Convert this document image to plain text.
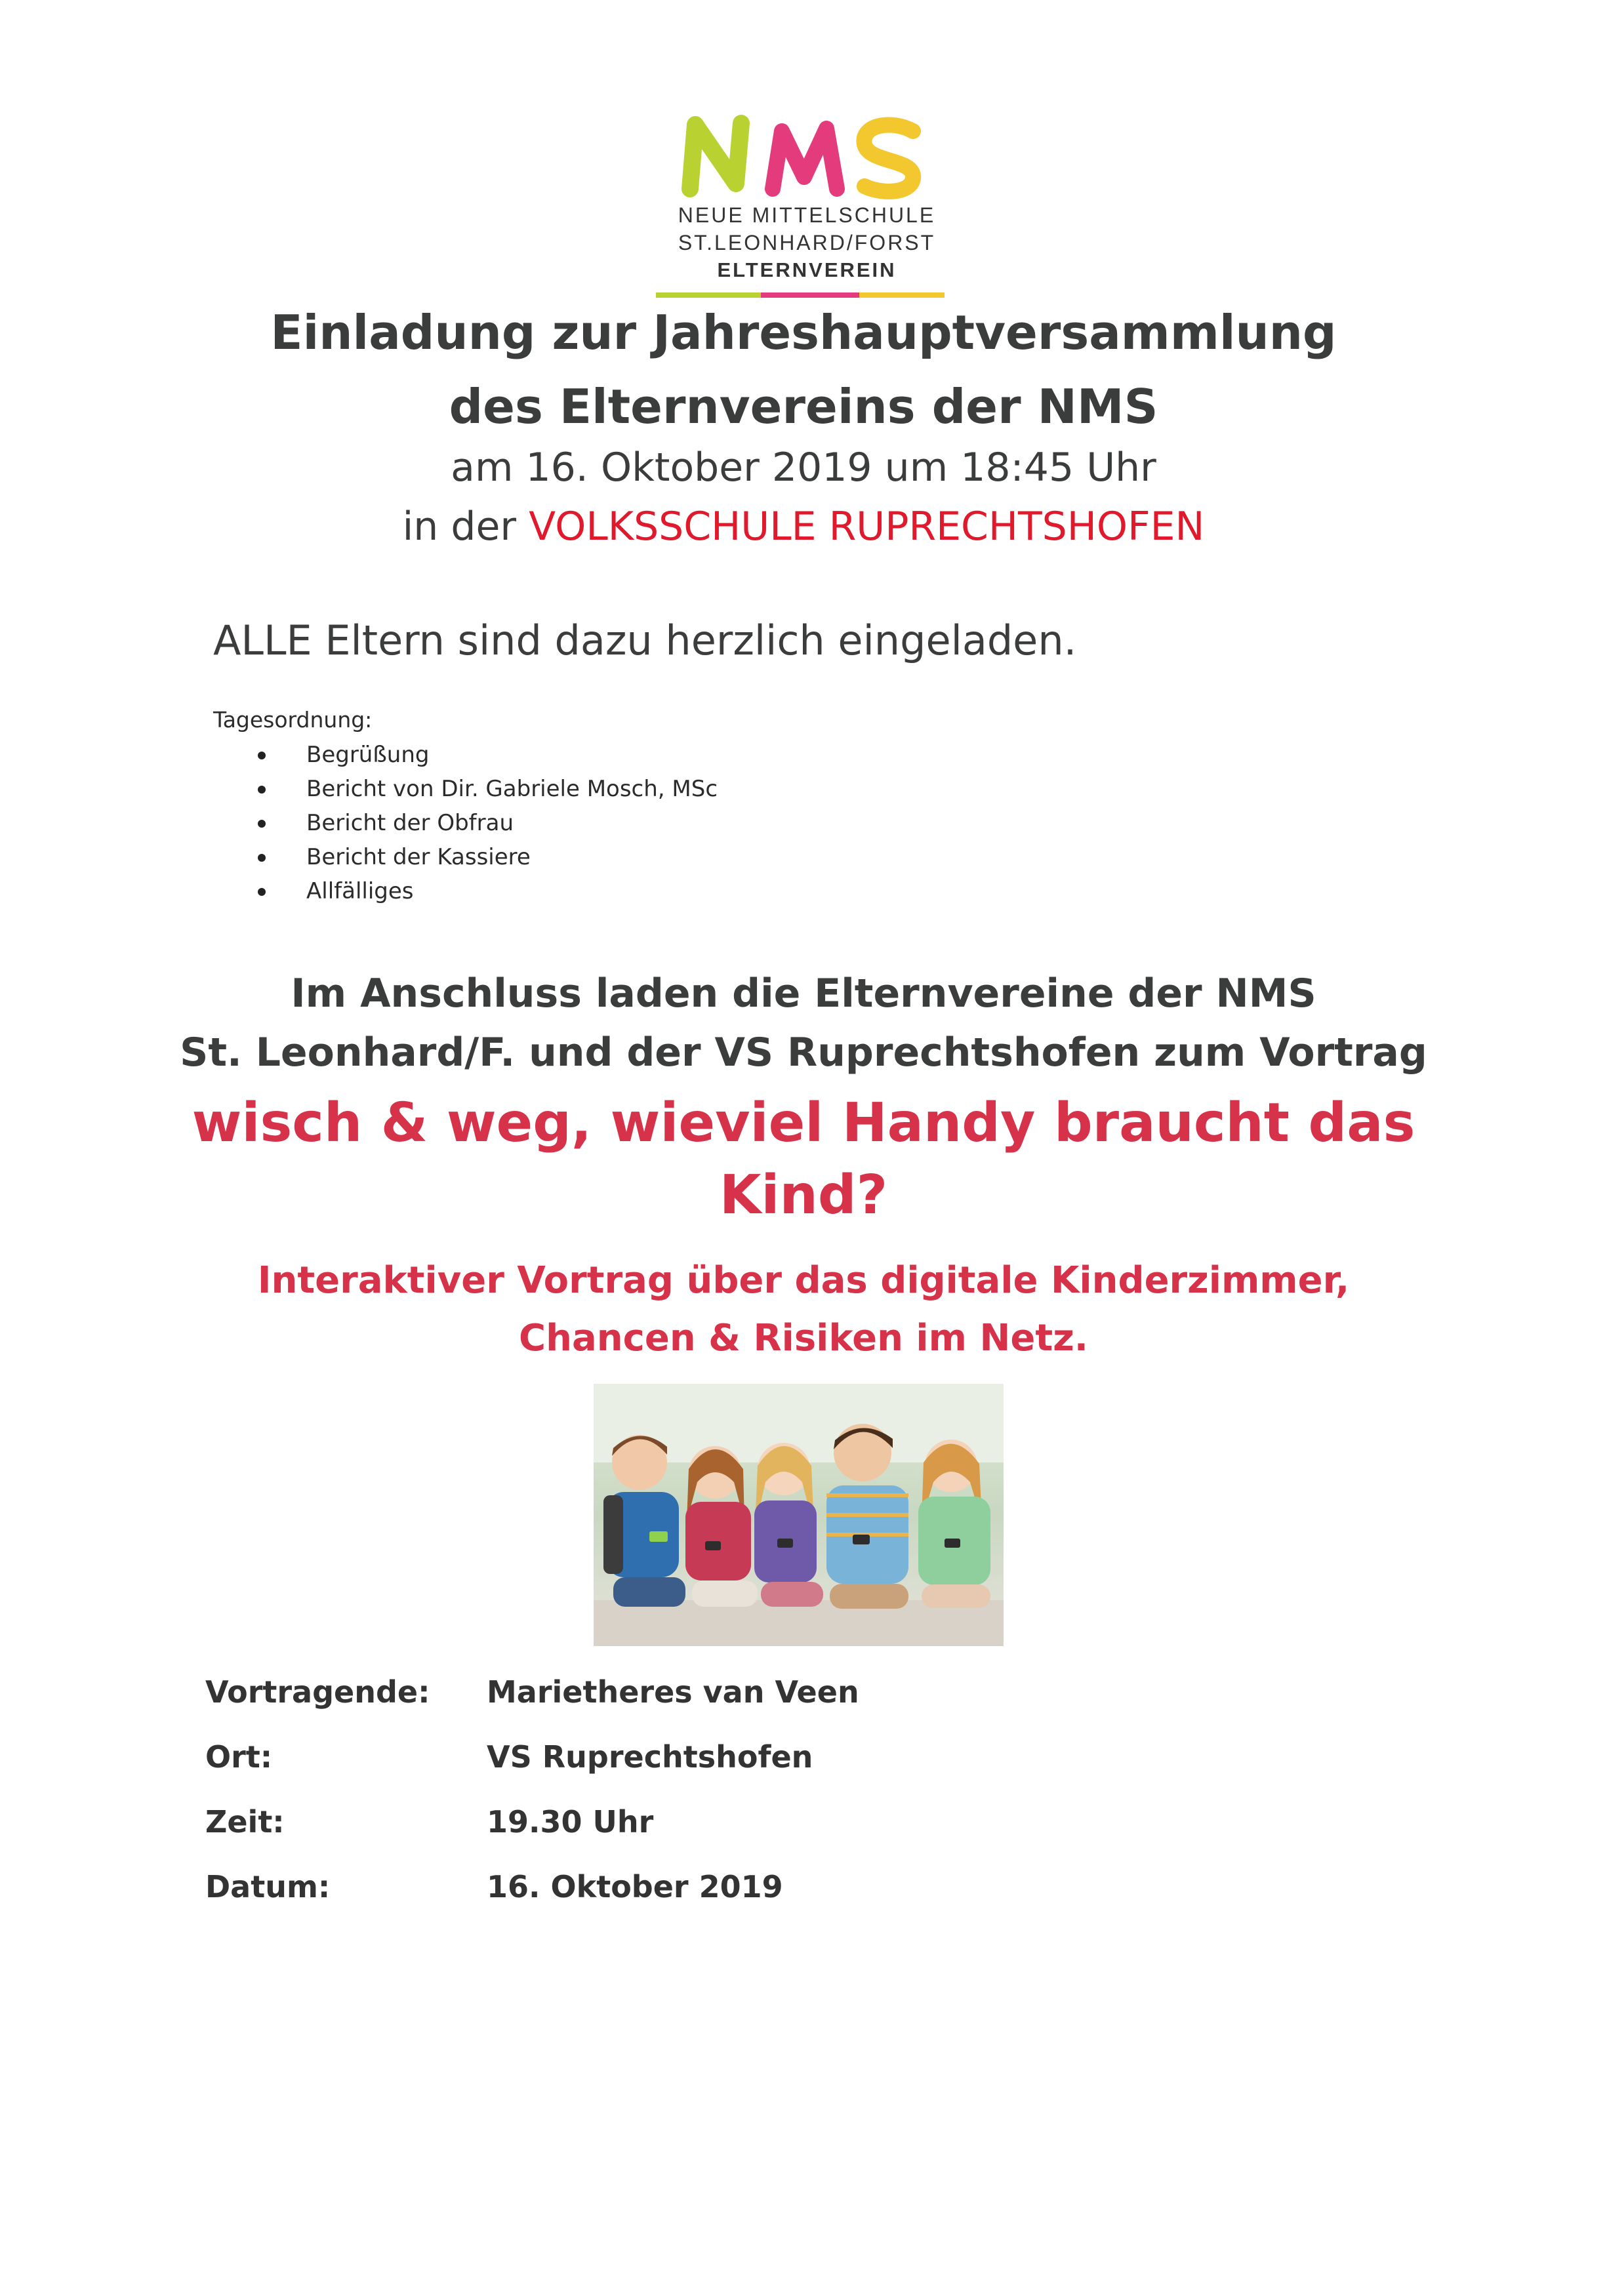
NEUE MITTELSCHULE
ST.LEONHARD/FORST
ELTERNVEREIN
Einladung zur Jahreshauptversammlung
des Elternvereins der NMS
am 16. Oktober 2019 um 18:45 Uhr
in der VOLKSSCHULE RUPRECHTSHOFEN
ALLE Eltern sind dazu herzlich eingeladen.
Tagesordnung:
Begrüßung
Bericht von Dir. Gabriele Mosch, MSc
Bericht der Obfrau
Bericht der Kassiere
Allfälliges
Im Anschluss laden die Elternvereine der NMS
St. Leonhard/F. und der VS Ruprechtshofen zum Vortrag
wisch & weg, wieviel Handy braucht das
Kind?
Interaktiver Vortrag über das digitale Kinderzimmer,
Chancen & Risiken im Netz.
Vortragende: Marietheres van Veen
Ort:	VS Ruprechtshofen
Zeit:	19.30 Uhr
Datum:	16. Oktober 2019
